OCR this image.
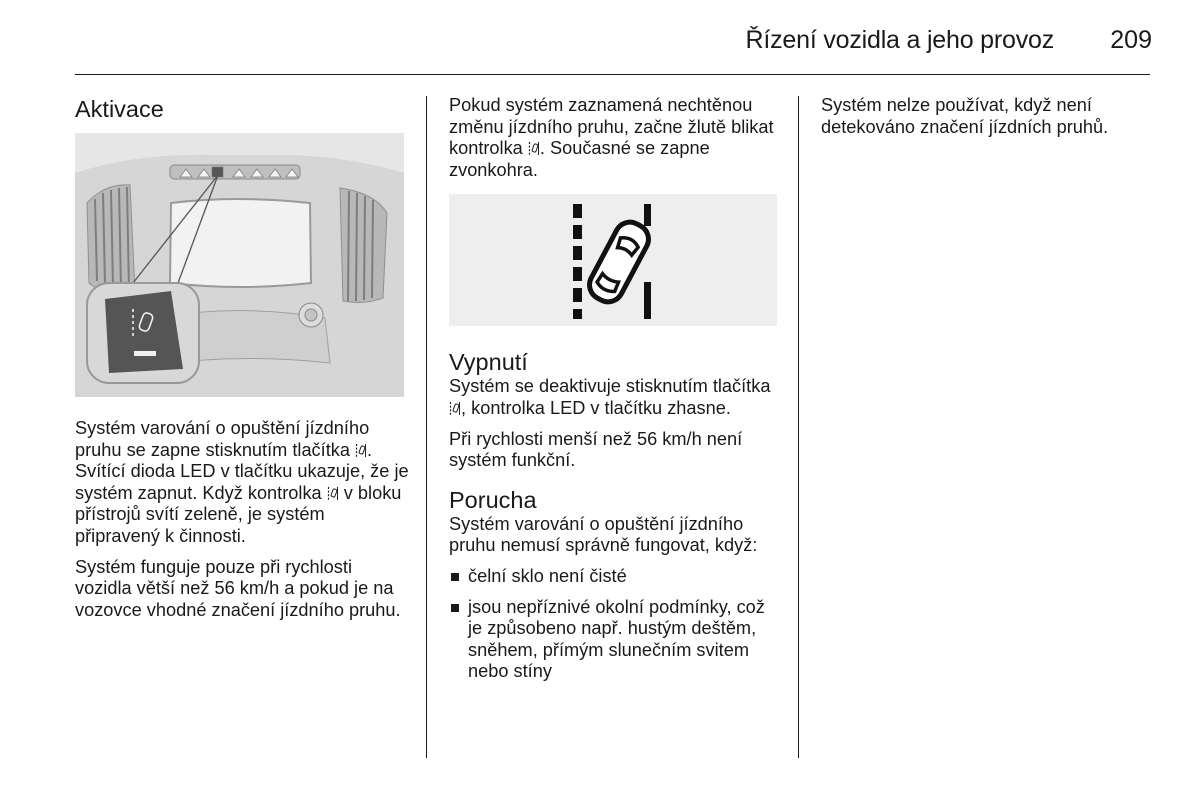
Řízení vozidla a jeho provoz 209
Aktivace

Systém varování o opuštění jízdního pruhu se zapne stisknutím tlačítka . Svítící dioda LED v tlačítku ukazuje, že je systém zapnut. Když kontrolka  v bloku přístrojů svítí zeleně, je systém připravený k činnosti.

Systém funguje pouze při rychlosti vozidla větší než 56 km/h a pokud je na vozovce vhodné značení jízdního pruhu.

Pokud systém zaznamená nechtěnou změnu jízdního pruhu, začne žlutě blikat kontrolka . Současné se zapne zvonkohra.

Vypnutí

Systém se deaktivuje stisknutím tlačítka , kontrolka LED v tlačítku zhasne.

Při rychlosti menší než 56 km/h není systém funkční.

Porucha

Systém varování o opuštění jízdního pruhu nemusí správně fungovat, když:

čelní sklo není čisté
jsou nepříznivé okolní podmínky, což je způsobeno např. hustým deštěm, sněhem, přímým slunečním svitem nebo stíny

Systém nelze používat, když není detekováno značení jízdních pruhů.
